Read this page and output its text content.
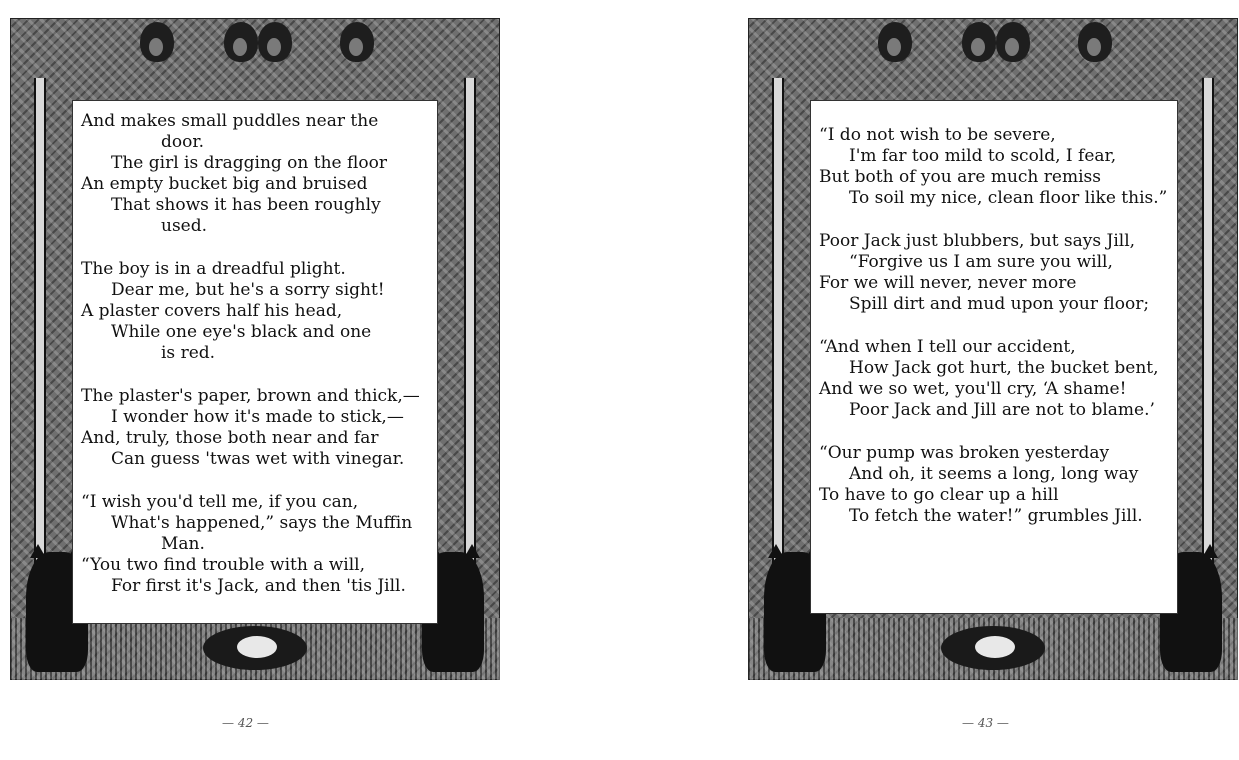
And makes small puddles near the
door.
The girl is dragging on the floor
An empty bucket big and bruised
That shows it has been roughly
used.
The boy is in a dreadful plight.
Dear me, but he's a sorry sight!
A plaster covers half his head,
While one eye's black and one
is red.
The plaster's paper, brown and thick,—
I wonder how it's made to stick,—
And, truly, those both near and far
Can guess 'twas wet with vinegar.
“I wish you'd tell me, if you can,
What's happened,” says the Muffin
Man.
“You two find trouble with a will,
For first it's Jack, and then 'tis Jill.
— 42 —
“I do not wish to be severe,
I'm far too mild to scold, I fear,
But both of you are much remiss
To soil my nice, clean floor like this.”
Poor Jack just blubbers, but says Jill,
“Forgive us I am sure you will,
For we will never, never more
Spill dirt and mud upon your floor;
“And when I tell our accident,
How Jack got hurt, the bucket bent,
And we so wet, you'll cry, ‘A shame!
Poor Jack and Jill are not to blame.’
“Our pump was broken yesterday
And oh, it seems a long, long way
To have to go clear up a hill
To fetch the water!” grumbles Jill.
— 43 —
